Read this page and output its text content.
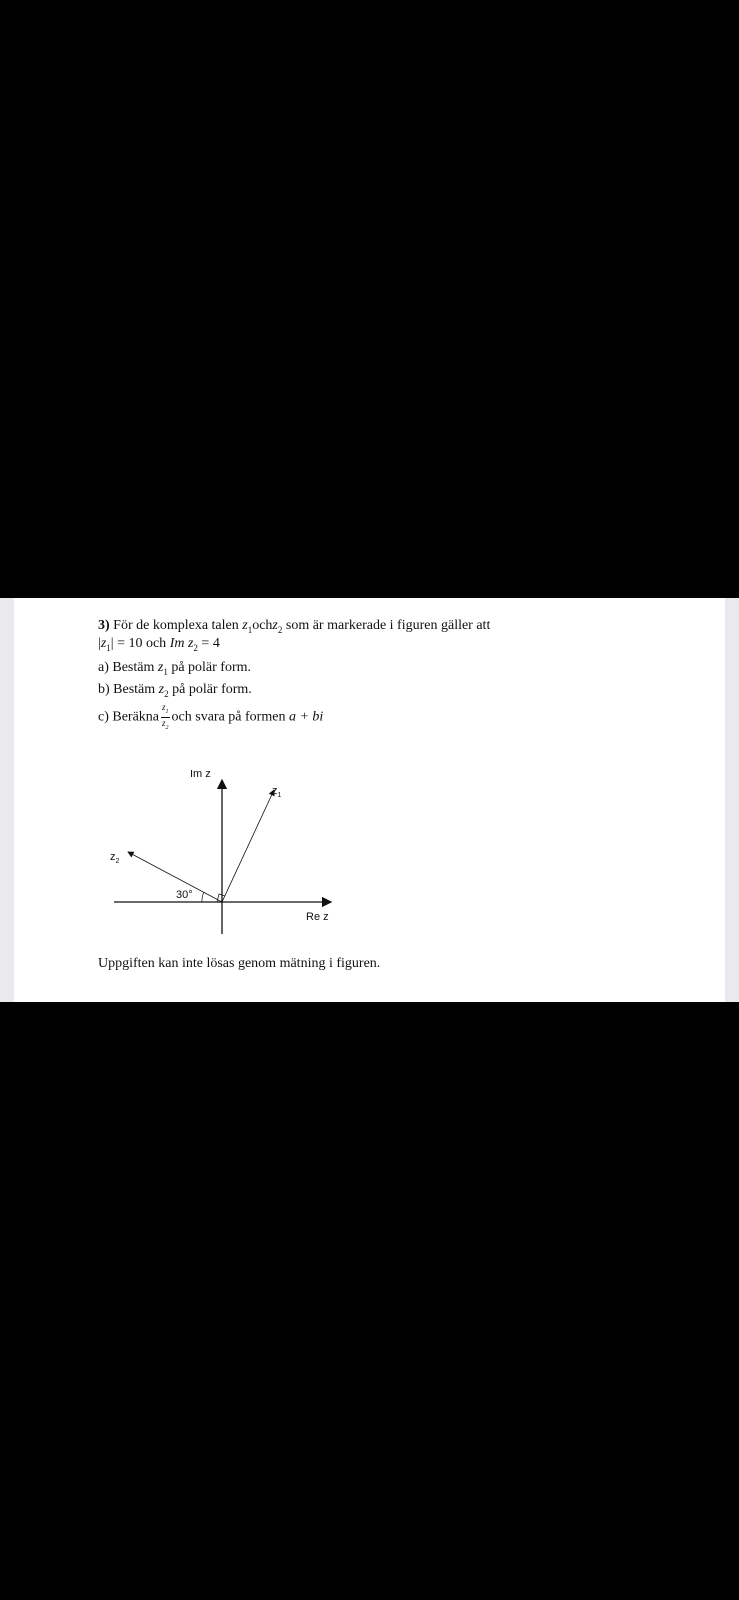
3) För de komplexa talen $z_1ochz_2$ som är markerade i figuren gäller att
$|z_1| = 10$ och Im $z_2 = 4$
a) Bestäm $z_1$ på polär form.
b) Bestäm $z_2$ på polär form.
c) Beräkna $\frac{z_1}{z_2}$ och svara på formen a + bi
Im z
Re z
$z_1$
$z_2$
30°
Uppgiften kan inte lösas genom mätning i figuren.
